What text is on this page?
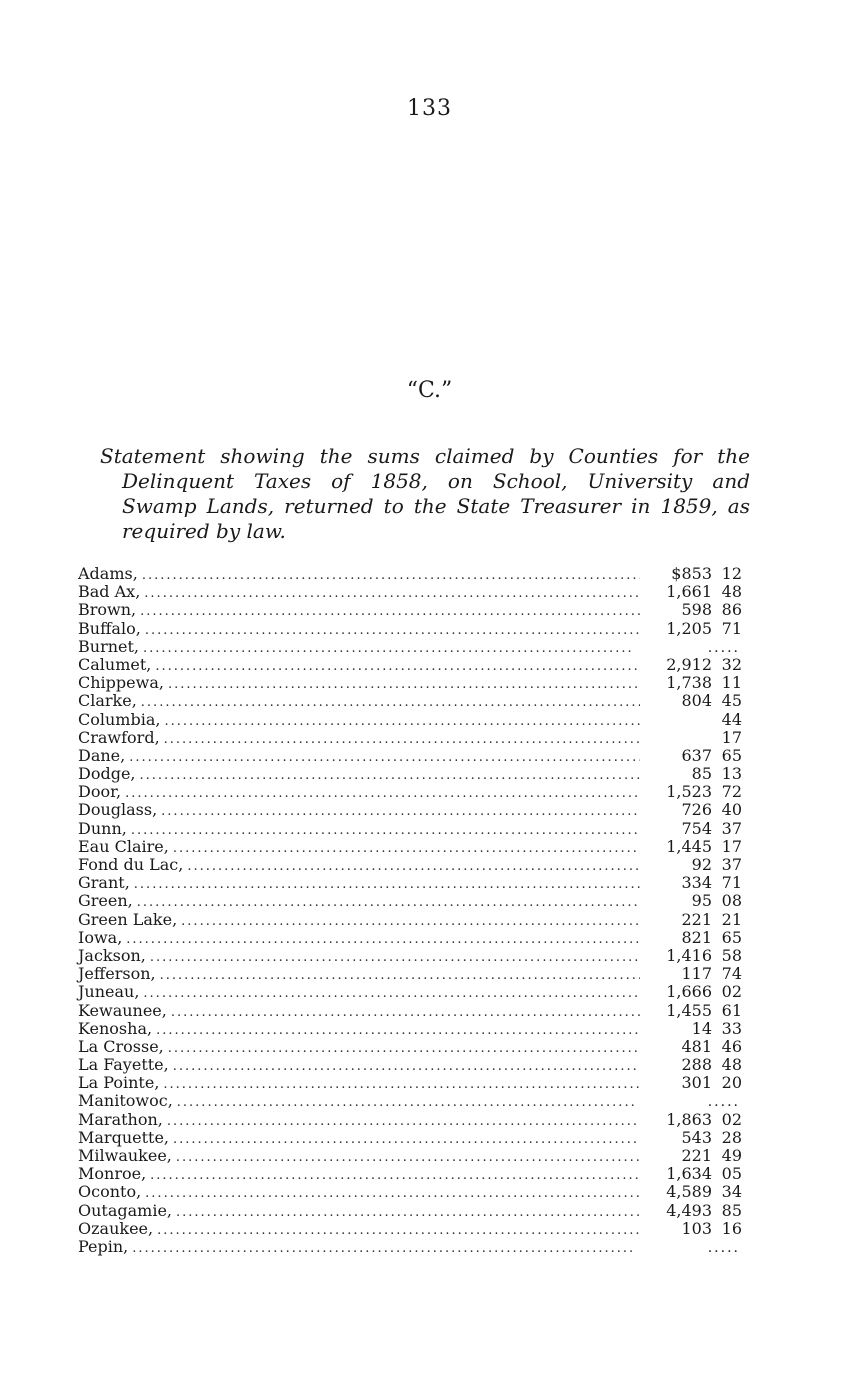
133
“C.”
Statement showing the sums claimed by Counties for the
Delinquent Taxes of 1858, on School, University and
Swamp Lands, returned to the State Treasurer in 1859, as
required by law.
Adams, .....	$853 12
Bad Ax, .....	1,661 48
Brown, .....	598 86
Buffalo, .....	1,205 71
Burnet, .....	.....
Calumet, .....	2,912 32
Chippewa, .....	1,738 11
Clarke, .....	804 45
Columbia, .....	44
Crawford, .....	17
Dane, .....	637 65
Dodge, .....	85 13
Door, .....	1,523 72
Douglass, .....	726 40
Dunn, .....	754 37
Eau Claire, .....	1,445 17
Fond du Lac, .....	92 37
Grant, .....	334 71
Green, .....	95 08
Green Lake, .....	221 21
Iowa, .....	821 65
Jackson, .....	1,416 58
Jefferson, .....	117 74
Juneau, .....	1,666 02
Kewaunee, .....	1,455 61
Kenosha, .....	14 33
La Crosse, .....	481 46
La Fayette, .....	288 48
La Pointe, .....	301 20
Manitowoc, .....	.....
Marathon, .....	1,863 02
Marquette, .....	543 28
Milwaukee, .....	221 49
Monroe, .....	1,634 05
Oconto, .....	4,589 34
Outagamie, .....	4,493 85
Ozaukee, .....	103 16
Pepin, .....	.....
